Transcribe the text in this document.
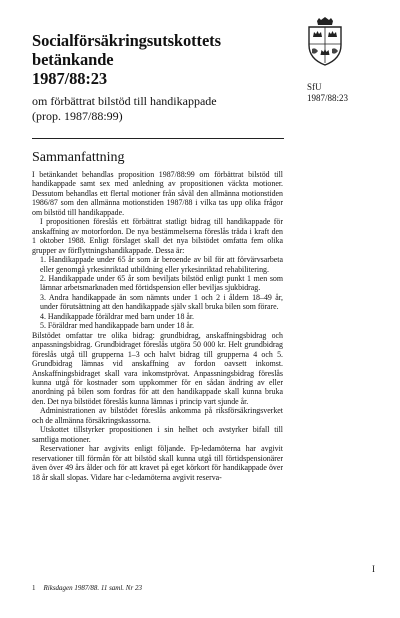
Socialförsäkringsutskottets
betänkande
1987/88:23
om förbättrat bilstöd till handikappade
(prop. 1987/88:99)
SfU
1987/88:23
Sammanfattning

I betänkandet behandlas proposition 1987/88:99 om förbättrat bilstöd till handikappade samt sex med anledning av propositionen väckta motioner. Dessutom behandlas ett flertal motioner från såväl den allmänna motionstiden 1986/87 som den allmänna motionstiden 1987/88 i vilka tas upp olika frågor om bilstöd till handikappade.

I propositionen föreslås ett förbättrat statligt bidrag till handikappade för anskaffning av motorfordon. De nya bestämmelserna föreslås träda i kraft den 1 oktober 1988. Enligt förslaget skall det nya bilstödet omfatta fem olika grupper av förflyttningshandikappade. Dessa är:

1. Handikappade under 65 år som är beroende av bil för att förvärvsarbeta eller genomgå yrkesinriktad utbildning eller yrkesinriktad rehabilitering.

2. Handikappade under 65 år som beviljats bilstöd enligt punkt 1 men som lämnar arbetsmarknaden med förtidspension eller beviljas sjukbidrag.

3. Andra handikappade än som nämnts under 1 och 2 i åldern 18–49 år, under förutsättning att den handikappade själv skall bruka bilen som förare.

4. Handikappade föräldrar med barn under 18 år.

5. Föräldrar med handikappade barn under 18 år.

Bilstödet omfattar tre olika bidrag: grundbidrag, anskaffningsbidrag och anpassningsbidrag. Grundbidraget föreslås utgöra 50 000 kr. Helt grundbidrag föreslås utgå till grupperna 1–3 och halvt bidrag till grupperna 4 och 5. Grundbidrag lämnas vid anskaffning av fordon oavsett inkomst. Anskaffningsbidraget skall vara inkomstprövat. Anpassningsbidrag föreslås kunna utgå för kostnader som uppkommer för en sådan ändring av eller anordning på bilen som fordras för att den handikappade skall kunna bruka den. Det nya bilstödet föreslås kunna lämnas i princip vart sjunde år.

Administrationen av bilstödet föreslås ankomma på riksförsäkringsverket och de allmänna försäkringskassorna.

Utskottet tillstyrker propositionen i sin helhet och avstyrker bifall till samtliga motioner.

Reservationer har avgivits enligt följande. Fp-ledamöterna har avgivit reservationer till förmån för att bilstöd skall kunna utgå till förtidspensionärer även över 49 års ålder och för att kravet på eget körkort för handikappade över 18 år skall slopas. Vidare har c-ledamöterna avgivit reserva-

I
1 Riksdagen 1987/88. 11 saml. Nr 23
